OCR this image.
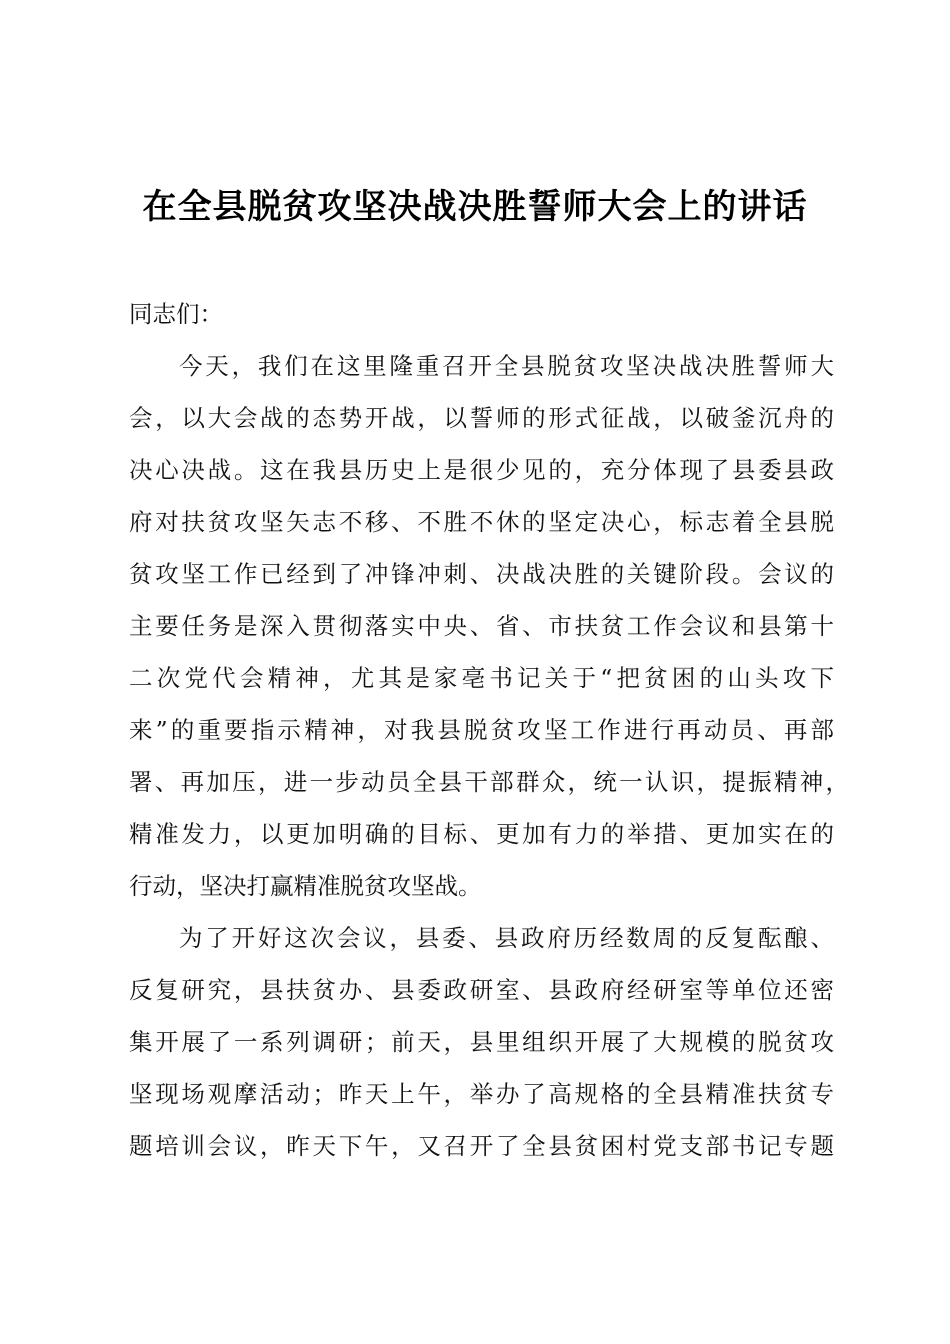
在全县脱贫攻坚决战决胜誓师大会上的讲话
同志们：
今天，我们在这里隆重召开全县脱贫攻坚决战决胜誓师大
会，以大会战的态势开战，以誓师的形式征战，以破釜沉舟的
决心决战。这在我县历史上是很少见的，充分体现了县委县政
府对扶贫攻坚矢志不移、不胜不休的坚定决心，标志着全县脱
贫攻坚工作已经到了冲锋冲刺、决战决胜的关键阶段。会议的
主要任务是深入贯彻落实中央、省、市扶贫工作会议和县第十
二次党代会精神，尤其是家亳书记关于“把贫困的山头攻下
来”的重要指示精神，对我县脱贫攻坚工作进行再动员、再部
署、再加压，进一步动员全县干部群众，统一认识，提振精神，
精准发力，以更加明确的目标、更加有力的举措、更加实在的
行动，坚决打赢精准脱贫攻坚战。
为了开好这次会议，县委、县政府历经数周的反复酝酿、
反复研究，县扶贫办、县委政研室、县政府经研室等单位还密
集开展了一系列调研；前天，县里组织开展了大规模的脱贫攻
坚现场观摩活动；昨天上午，举办了高规格的全县精准扶贫专
题培训会议，昨天下午，又召开了全县贫困村党支部书记专题
